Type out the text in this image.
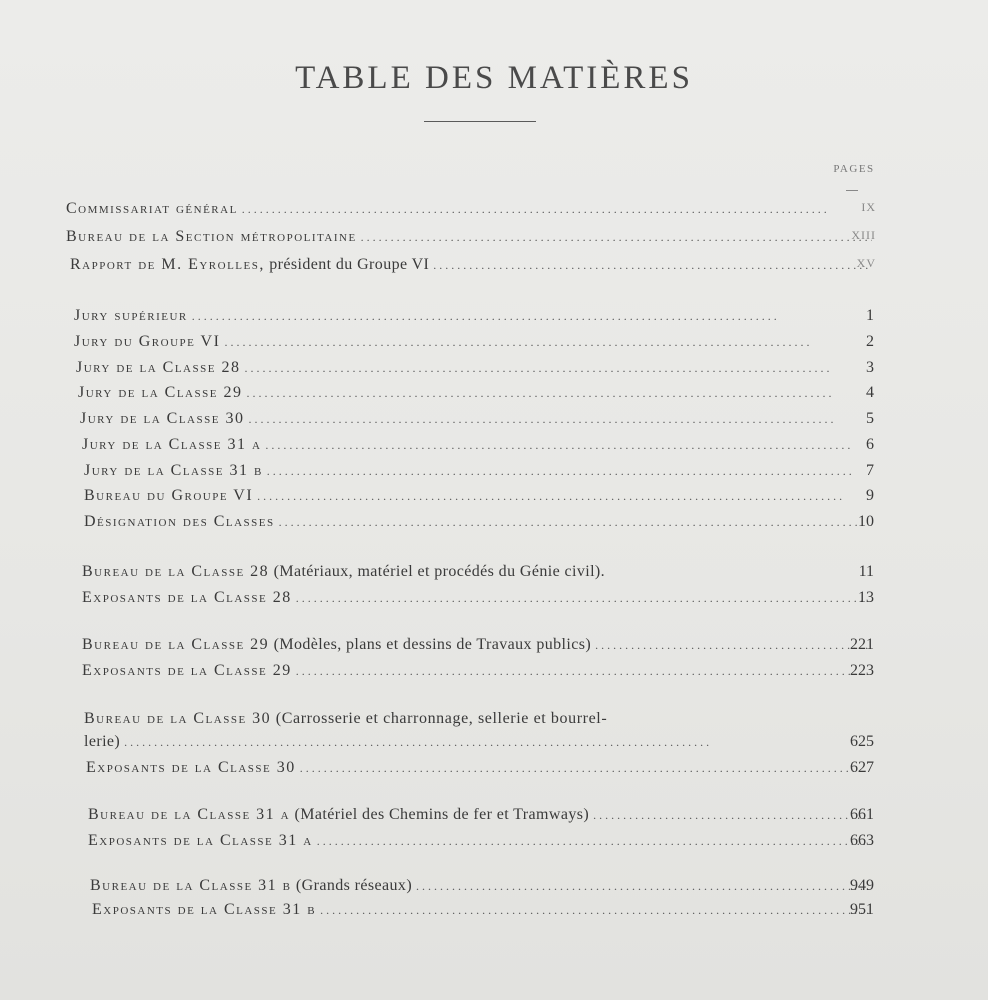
TABLE DES MATIÈRES
PAGES
Commissariat général . . .	IX
Bureau de la Section métropolitaine . . .	XIII
Rapport de M. Eyrolles, président du Groupe VI . . .	XV
Jury supérieur . . .	1
Jury du Groupe VI . . .	2
Jury de la Classe 28 . . .	3
Jury de la Classe 29 . . .	4
Jury de la Classe 30 . . .	5
Jury de la Classe 31 a . . .	6
Jury de la Classe 31 b . . .	7
Bureau du Groupe VI . . .	9
Désignation des Classes . . .	10
Bureau de la Classe 28 (Matériaux, matériel et procédés du Génie civil).	11
Exposants de la Classe 28 . . .	13
Bureau de la Classe 29 (Modèles, plans et dessins de Travaux publics) . . .	221
Exposants de la Classe 29 . . .	223
Bureau de la Classe 30 (Carrosserie et charronnage, sellerie et bourrel-
lerie) . . .	625
Exposants de la Classe 30 . . .	627
Bureau de la Classe 31 a (Matériel des Chemins de fer et Tramways) . . .	661
Exposants de la Classe 31 a . . .	663
Bureau de la Classe 31 b (Grands réseaux) . . .	949
Exposants de la Classe 31 b . . .	951
